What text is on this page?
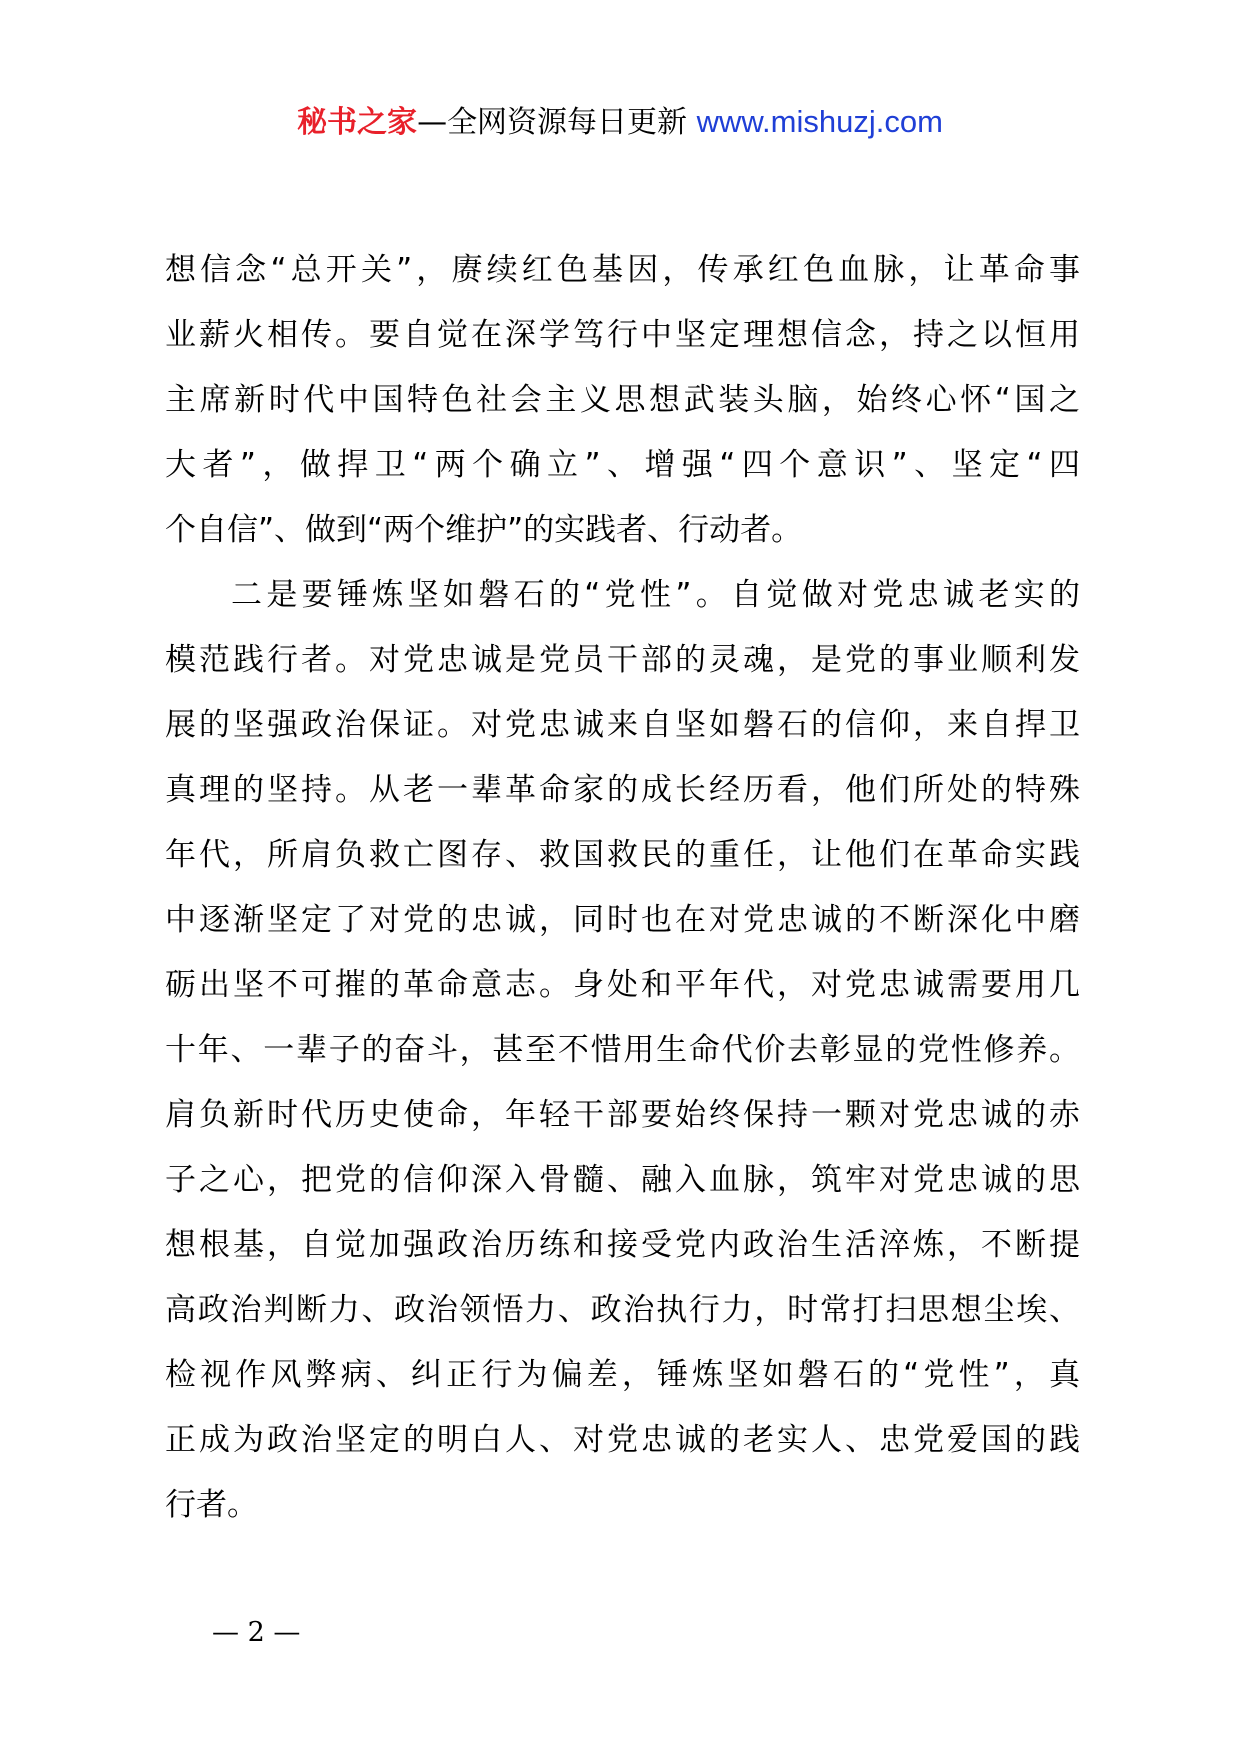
秘书之家—全网资源每日更新 www.mishuzj.com
想信念“总开关”，赓续红色基因，传承红色血脉，让革命事
业薪火相传。要自觉在深学笃行中坚定理想信念，持之以恒用
主席新时代中国特色社会主义思想武装头脑，始终心怀“国之
大者”，做捍卫“两个确立”、增强“四个意识”、坚定“四
个自信”、做到“两个维护”的实践者、行动者。
二是要锤炼坚如磐石的“党性”。自觉做对党忠诚老实的
模范践行者。对党忠诚是党员干部的灵魂，是党的事业顺利发
展的坚强政治保证。对党忠诚来自坚如磐石的信仰，来自捍卫
真理的坚持。从老一辈革命家的成长经历看，他们所处的特殊
年代，所肩负救亡图存、救国救民的重任，让他们在革命实践
中逐渐坚定了对党的忠诚，同时也在对党忠诚的不断深化中磨
砺出坚不可摧的革命意志。身处和平年代，对党忠诚需要用几
十年、一辈子的奋斗，甚至不惜用生命代价去彰显的党性修养。
肩负新时代历史使命，年轻干部要始终保持一颗对党忠诚的赤
子之心，把党的信仰深入骨髓、融入血脉，筑牢对党忠诚的思
想根基，自觉加强政治历练和接受党内政治生活淬炼，不断提
高政治判断力、政治领悟力、政治执行力，时常打扫思想尘埃、
检视作风弊病、纠正行为偏差，锤炼坚如磐石的“党性”，真
正成为政治坚定的明白人、对党忠诚的老实人、忠党爱国的践
行者。
— 2 —
